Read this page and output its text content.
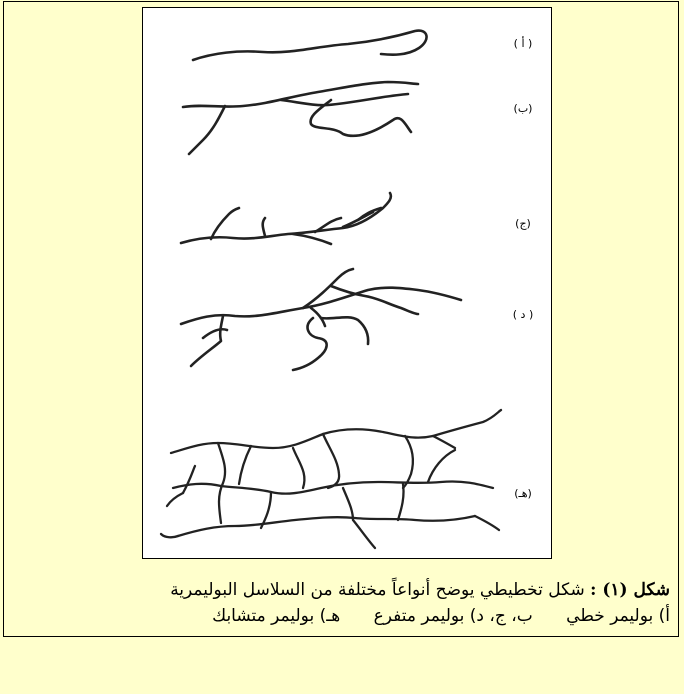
( أ )
(ب)
(ج)
( د )
(هـ)
شكل (١) : شكل تخطيطي يوضح أنواعاً مختلفة من السلاسل البوليمرية
أ) بوليمر خطي ب، ج، د) بوليمر متفرع هـ) بوليمر متشابك
